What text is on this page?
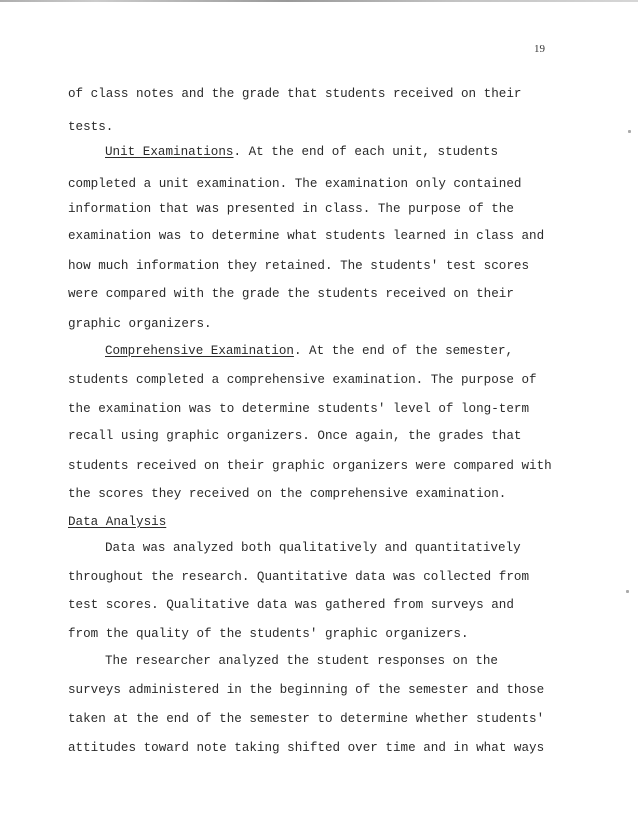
19
of class notes and the grade that students received on their
tests.
Unit Examinations. At the end of each unit, students
completed a unit examination. The examination only contained
information that was presented in class. The purpose of the
examination was to determine what students learned in class and
how much information they retained. The students' test scores
were compared with the grade the students received on their
graphic organizers.
Comprehensive Examination. At the end of the semester,
students completed a comprehensive examination. The purpose of
the examination was to determine students' level of long-term
recall using graphic organizers. Once again, the grades that
students received on their graphic organizers were compared with
the scores they received on the comprehensive examination.
Data Analysis
Data was analyzed both qualitatively and quantitatively
throughout the research. Quantitative data was collected from
test scores. Qualitative data was gathered from surveys and
from the quality of the students' graphic organizers.
The researcher analyzed the student responses on the
surveys administered in the beginning of the semester and those
taken at the end of the semester to determine whether students'
attitudes toward note taking shifted over time and in what ways
